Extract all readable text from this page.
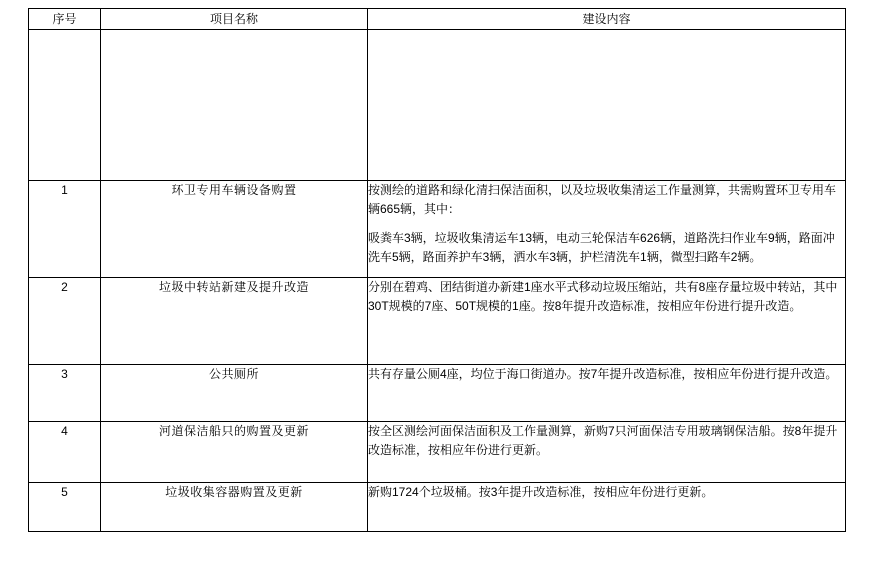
序号	项目名称	建设内容

1	环卫专用车辆设备购置	按测绘的道路和绿化清扫保洁面积，以及垃圾收集清运工作量测算，共需购置环卫专用车辆665辆，其中：

吸粪车3辆，垃圾收集清运车13辆，电动三轮保洁车626辆，道路洗扫作业车9辆，路面冲洗车5辆，路面养护车3辆，洒水车3辆，护栏清洗车1辆，微型扫路车2辆。

2	垃圾中转站新建及提升改造	分别在碧鸡、团结街道办新建1座水平式移动垃圾压缩站，共有8座存量垃圾中转站，其中30T规模的7座、50T规模的1座。按8年提升改造标准，按相应年份进行提升改造。

3	公共厕所	共有存量公厕4座，均位于海口街道办。按7年提升改造标准，按相应年份进行提升改造。

4	河道保洁船只的购置及更新	按全区测绘河面保洁面积及工作量测算，新购7只河面保洁专用玻璃钢保洁船。按8年提升改造标准，按相应年份进行更新。

5	垃圾收集容器购置及更新	新购1724个垃圾桶。按3年提升改造标准，按相应年份进行更新。
